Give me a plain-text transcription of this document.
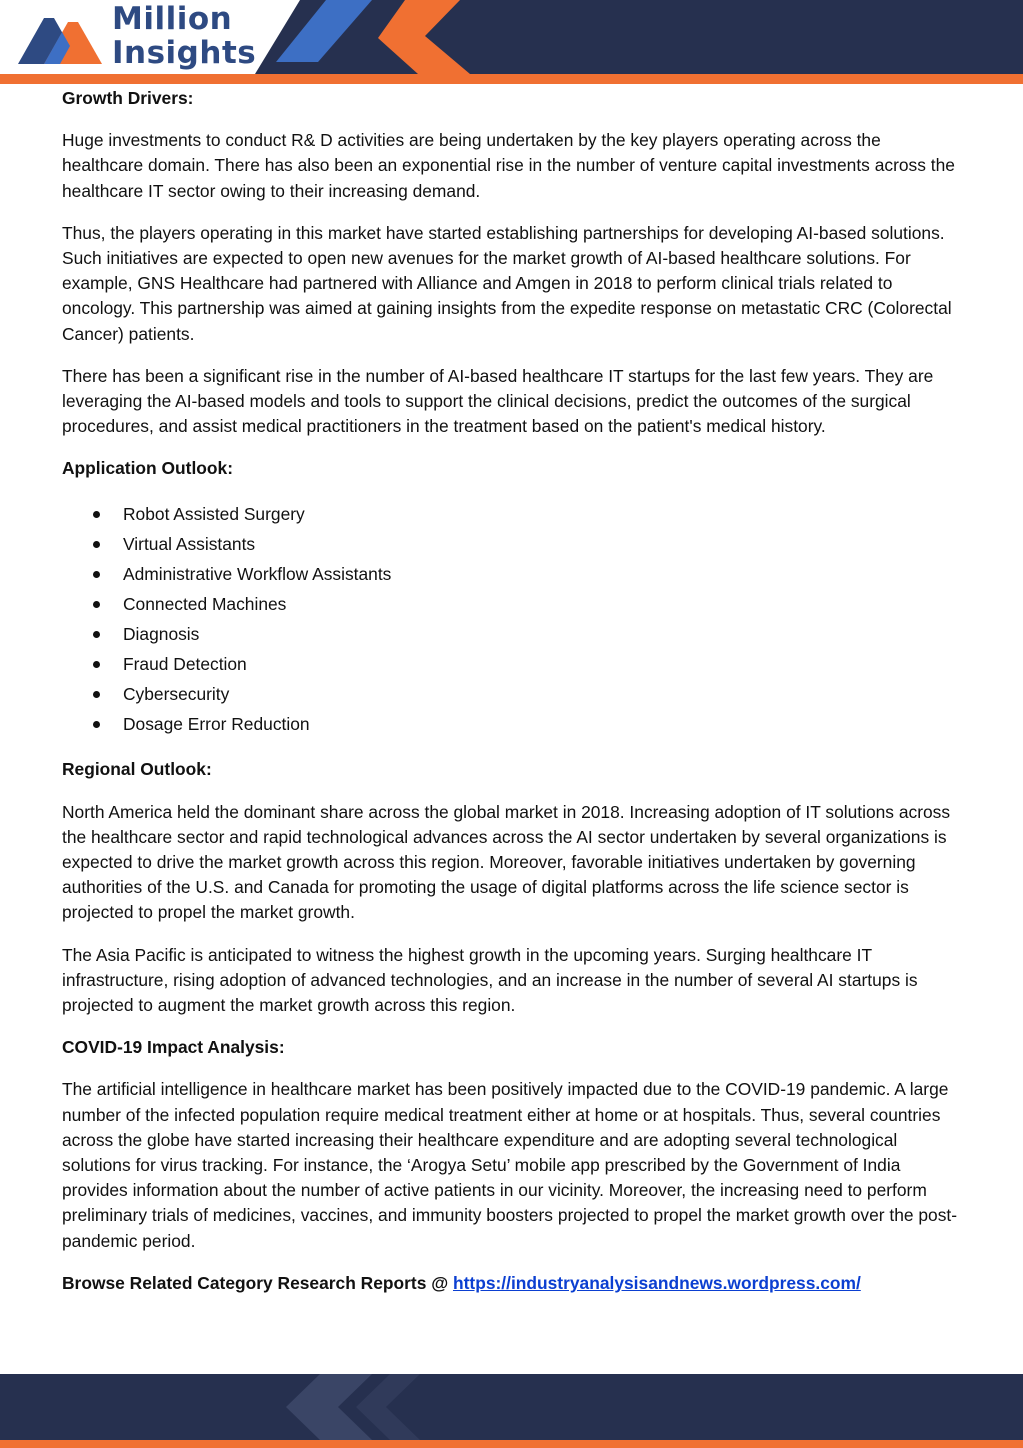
Million
Insights

Growth Drivers:

Huge investments to conduct R& D activities are being undertaken by the key players operating across the healthcare domain. There has also been an exponential rise in the number of venture capital investments across the healthcare IT sector owing to their increasing demand.

Thus, the players operating in this market have started establishing partnerships for developing AI-based solutions. Such initiatives are expected to open new avenues for the market growth of AI-based healthcare solutions. For example, GNS Healthcare had partnered with Alliance and Amgen in 2018 to perform clinical trials related to oncology. This partnership was aimed at gaining insights from the expedite response on metastatic CRC (Colorectal Cancer) patients.

There has been a significant rise in the number of AI-based healthcare IT startups for the last few years. They are leveraging the AI-based models and tools to support the clinical decisions, predict the outcomes of the surgical procedures, and assist medical practitioners in the treatment based on the patient's medical history.

Application Outlook:

Robot Assisted Surgery
Virtual Assistants
Administrative Workflow Assistants
Connected Machines
Diagnosis
Fraud Detection
Cybersecurity
Dosage Error Reduction

Regional Outlook:

North America held the dominant share across the global market in 2018. Increasing adoption of IT solutions across the healthcare sector and rapid technological advances across the AI sector undertaken by several organizations is expected to drive the market growth across this region. Moreover, favorable initiatives undertaken by governing authorities of the U.S. and Canada for promoting the usage of digital platforms across the life science sector is projected to propel the market growth.

The Asia Pacific is anticipated to witness the highest growth in the upcoming years. Surging healthcare IT infrastructure, rising adoption of advanced technologies, and an increase in the number of several AI startups is projected to augment the market growth across this region.

COVID-19 Impact Analysis:

The artificial intelligence in healthcare market has been positively impacted due to the COVID-19 pandemic. A large number of the infected population require medical treatment either at home or at hospitals. Thus, several countries across the globe have started increasing their healthcare expenditure and are adopting several technological solutions for virus tracking. For instance, the ‘Arogya Setu’ mobile app prescribed by the Government of India provides information about the number of active patients in our vicinity. Moreover, the increasing need to perform preliminary trials of medicines, vaccines, and immunity boosters projected to propel the market growth over the post-pandemic period.

Browse Related Category Research Reports @ https://industryanalysisandnews.wordpress.com/
